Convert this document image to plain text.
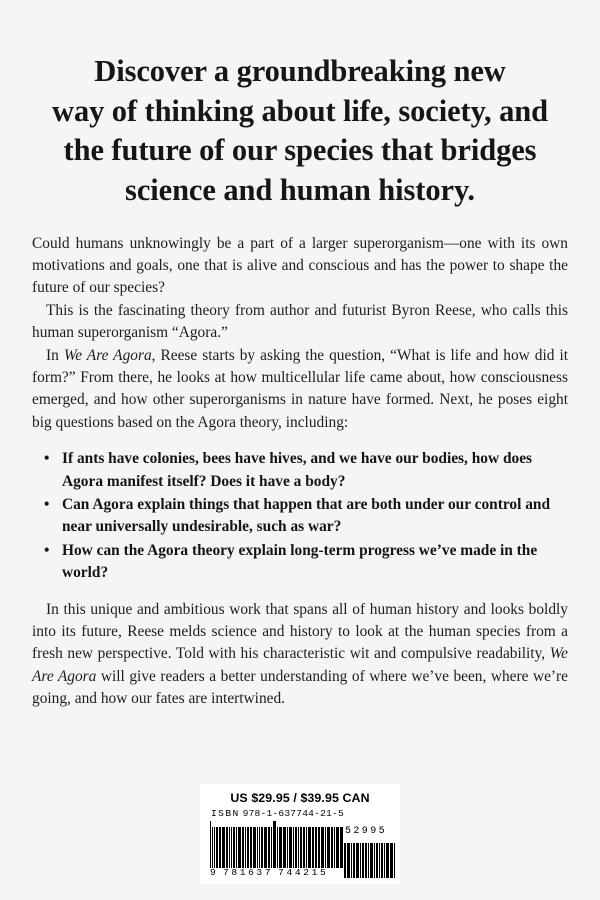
Discover a groundbreaking new
way of thinking about life, society, and
the future of our species that bridges
science and human history.

Could humans unknowingly be a part of a larger superorganism—one with its own motivations and goals, one that is alive and conscious and has the power to shape the future of our species?

This is the fascinating theory from author and futurist Byron Reese, who calls this human superorganism “Agora.”

In We Are Agora, Reese starts by asking the question, “What is life and how did it form?” From there, he looks at how multicellular life came about, how consciousness emerged, and how other superorganisms in nature have formed. Next, he poses eight big questions based on the Agora theory, including:

• If ants have colonies, bees have hives, and we have our bodies, how does Agora manifest itself? Does it have a body?
• Can Agora explain things that happen that are both under our control and near universally undesirable, such as war?
• How can the Agora theory explain long-term progress we’ve made in the world?

In this unique and ambitious work that spans all of human history and looks boldly into its future, Reese melds science and history to look at the human species from a fresh new perspective. Told with his characteristic wit and compulsive readability, We Are Agora will give readers a better understanding of where we’ve been, where we’re going, and how our fates are intertwined.

US $29.95 / $39.95 CAN
ISBN 978-1-637744-21-5
9 781637 744215
52995
